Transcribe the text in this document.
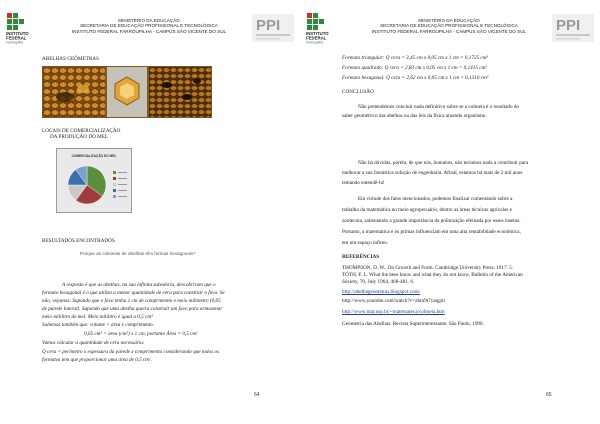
INSTITUTO
FEDERAL
Farroupilha
MINISTÉRIO DA EDUCAÇÃO
SECRETARIA DE EDUCAÇÃO PROFISSIONAL E TECNOLÓGICA
INSTITUTO FEDERAL FARROUPILHA - CAMPUS SÃO VICENTE DO SUL	PPI
ABELHAS GEÔMETRAS
LOCAIS DE COMERCIALIZAÇÃO
DA PRODUÇÃO DO MEL
COMERCIALIZAÇÃO DO MEL
RESULTADOS ENCONTRADOS
Porque as colmeias de abelhas têm formas hexagonais?
A resposta é que as abelhas, na sua infinita sabedoria, descobriram que o
formato hexagonal é o que utiliza a menor quantidade de cera para construir o favo. Se
não, vejamos: Supondo que o favo tenha 1 cm de comprimento e meio milímetro (0,05
de parede lateral). Supondo que uma abelha queira construir um favo para armazenar
meio mililitro de mel. Meio mililitro é igual a 0,5 cm³
Sabemos também que: volume = área x comprimento.
0,05 cm³ = área (cm²) x 1 cm, portanto Área = 0,5 cm²
Vamos calcular a quantidade de cera necessária:
Q cera = perímetro x espessura da parede x comprimento considerando que todos os
formatos tem que proporcionar uma área de 0,5 cm².
64
INSTITUTO
FEDERAL
Farroupilha
MINISTÉRIO DA EDUCAÇÃO
SECRETARIA DE EDUCAÇÃO PROFISSIONAL E TECNOLÓGICA
INSTITUTO FEDERAL FARROUPILHA - CAMPUS SÃO VICENTE DO SUL	PPI
Formato triangular: Q cera = 3,45 cm x 0,05 cm x 1 cm = 0,1725 cm³
Formato quadrado: Q cera = 2,83 cm x 0,05 cm x 1 cm = 0,1415 cm³
Formato hexagonal: Q cera = 2,62 cm x 0,05 cm x 1 cm = 0,1310 cm³
CONCLUSÃO
Não pretendemos concluir nada definitivo sobre se a colmeia é o resultado do
saber geométrico das abelhas ou das leis da física atuando organismo.
Não há dúvidas, porém, de que nós, humanos, não teríamos nada a contribuir para
melhorar a sua fantástica solução de engenharia. Afinal, estamos há mais de 2 mil anos
tentando entendê-la!
Em virtude dos fatos mencionados, podemos finalizar comentando sobre a
trabalho da matemática no meio agropecuário, dentro as áreas técnicas agrícolas e
zootecnia, salientando a grande importância da polinização efetuada por esses insetos.
Portanto, a matemática e os primas influenciam em uma alta rentabilidade econômica,
em um espaço ínfimo.
REFERÊNCIAS
THOMPSON, D. W.. On Growth and Form. Cambridge University Press. 1917. 5.
TÓTH, F. L. What the bees know and what they do not know, Bulletin of the American
Society, 70, July 1964, 468-481. 6.
http://abelhageometras.blogspot.com/
http://www.youtube.com/watch?v=zhm9t7yaqgm
http://www.mat.usp.br/~matemateca/colmeia.htm
Geometria das Abelhas. Revista Superinteressante, São Paulo, 1990.
65
